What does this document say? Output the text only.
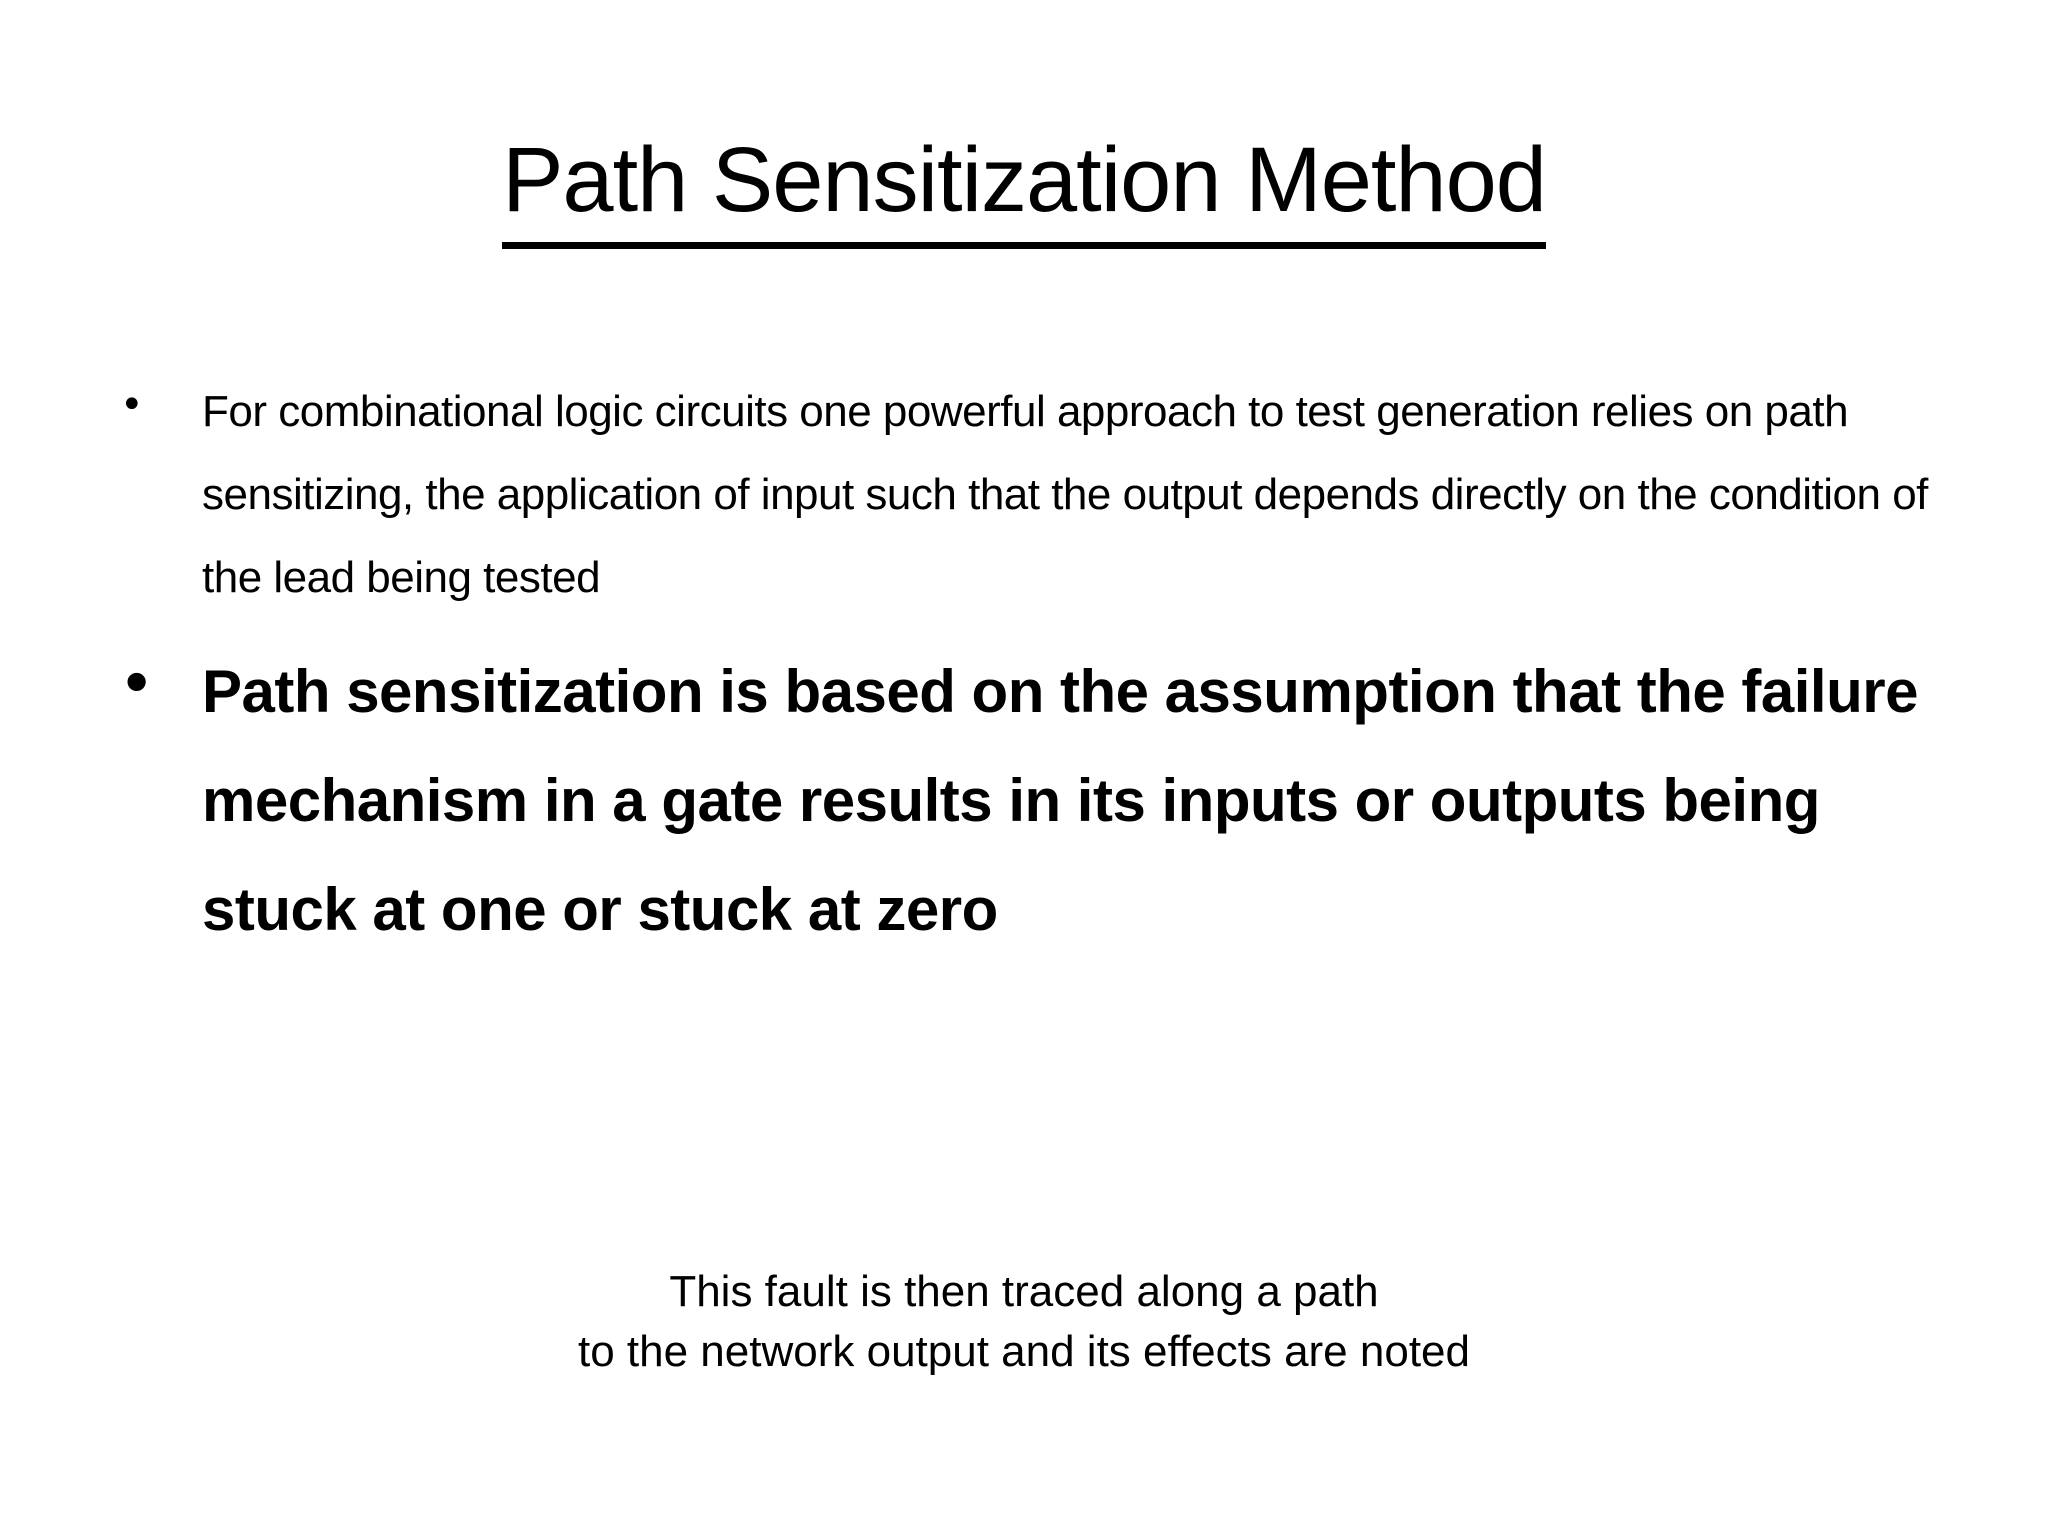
Path Sensitization Method
• For combinational logic circuits one powerful approach to test generation relies on path sensitizing, the application of input such that the output depends directly on the condition of the lead being tested
• Path sensitization is based on the assumption that the failure mechanism in a gate results in its inputs or outputs being stuck at one or stuck at zero
This fault is then traced along a path
to the network output and its effects are noted
